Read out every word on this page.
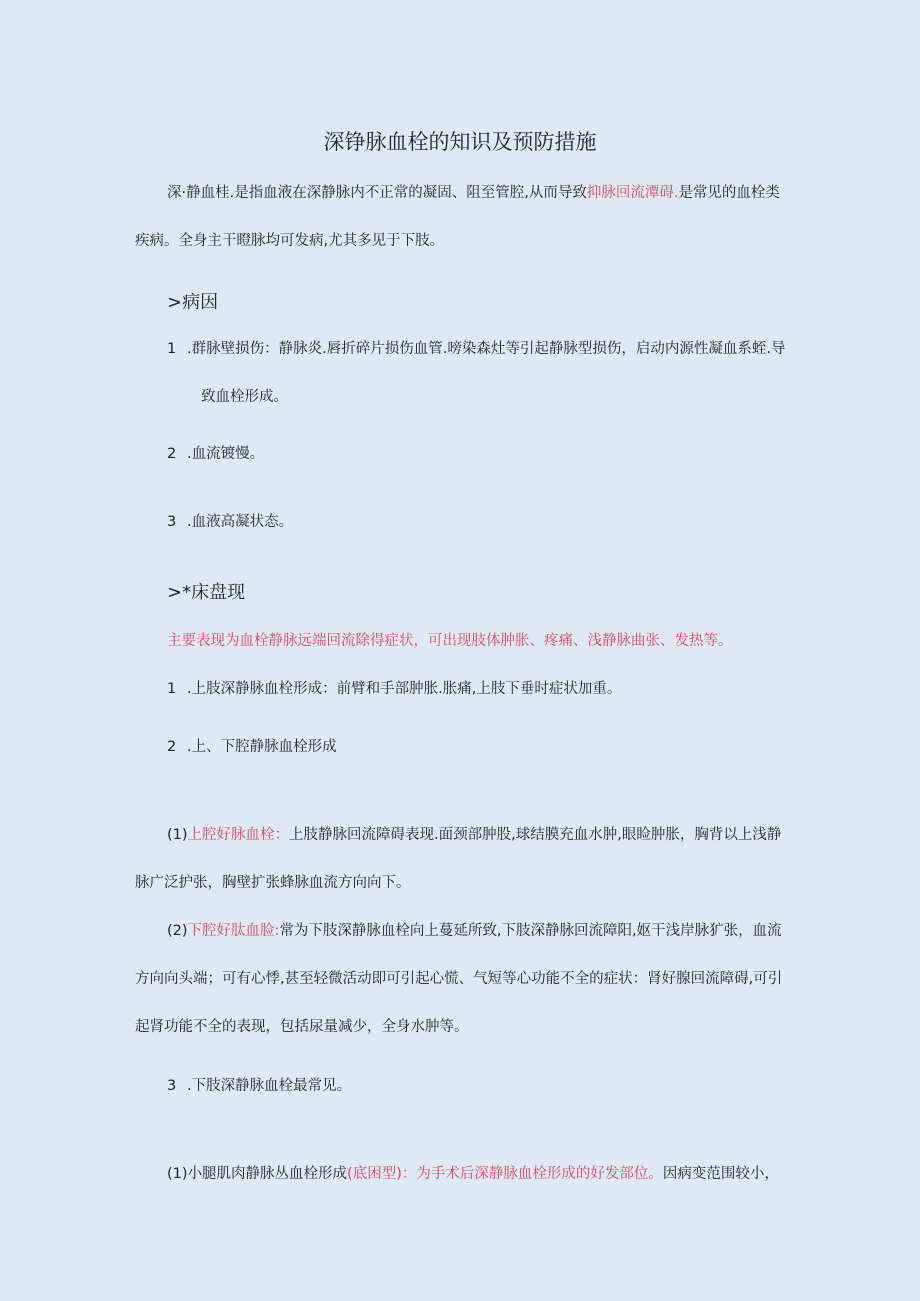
深铮脉血栓的知识及预防措施
深·静血桂.是指血液在深静脉内不正常的凝固、阻至管腔,从而导致抑脉回流潭碍.是常见的血栓类
疾病。全身主干瞪脉均可发病,尤其多见于下肢。
>病因
1 .群脉壁损伤：静脉炎.唇折碎片损伤血管.嗙染森灶等引起静脉型损伤，启动内源性凝血系蛭.导
致血栓形成。
2 .血流镀慢。
3 .血液高凝状态。
>*床盘现
主要表现为血栓静脉远端回流除得症状，可出现肢体肿胀、疼痛、浅静脉曲张、发热等。
1 .上肢深静脉血栓形成：前臂和手部肿胀.胀痛,上肢下垂时症状加重。
2 .上、下腔静脉血栓形成
(1)上腔好脉血栓：上肢静脉回流障碍表现.面颈部肿股,球结膜充血水肿,眼睑肿胀，胸背以上浅静
脉广泛护张，胸壁扩张蜂脉血流方向向下。
(2)下腔好肽血脸:常为下肢深静脉血栓向上蔓延所致,下肢深静脉回流障阳,妪干浅岸脉犷张，血流
方向向头端；可有心悸,甚至轻微活动即可引起心慌、气短等心功能不全的症状：肾好腺回流障碍,可引
起肾功能不全的表现，包括尿量减少，全身水肿等。
3 .下肢深静脉血栓最常见。
(1)小腿肌肉静脉丛血栓形成(底困型)：为手术后深静脉血栓形成的好发部位。因病变范围较小，
